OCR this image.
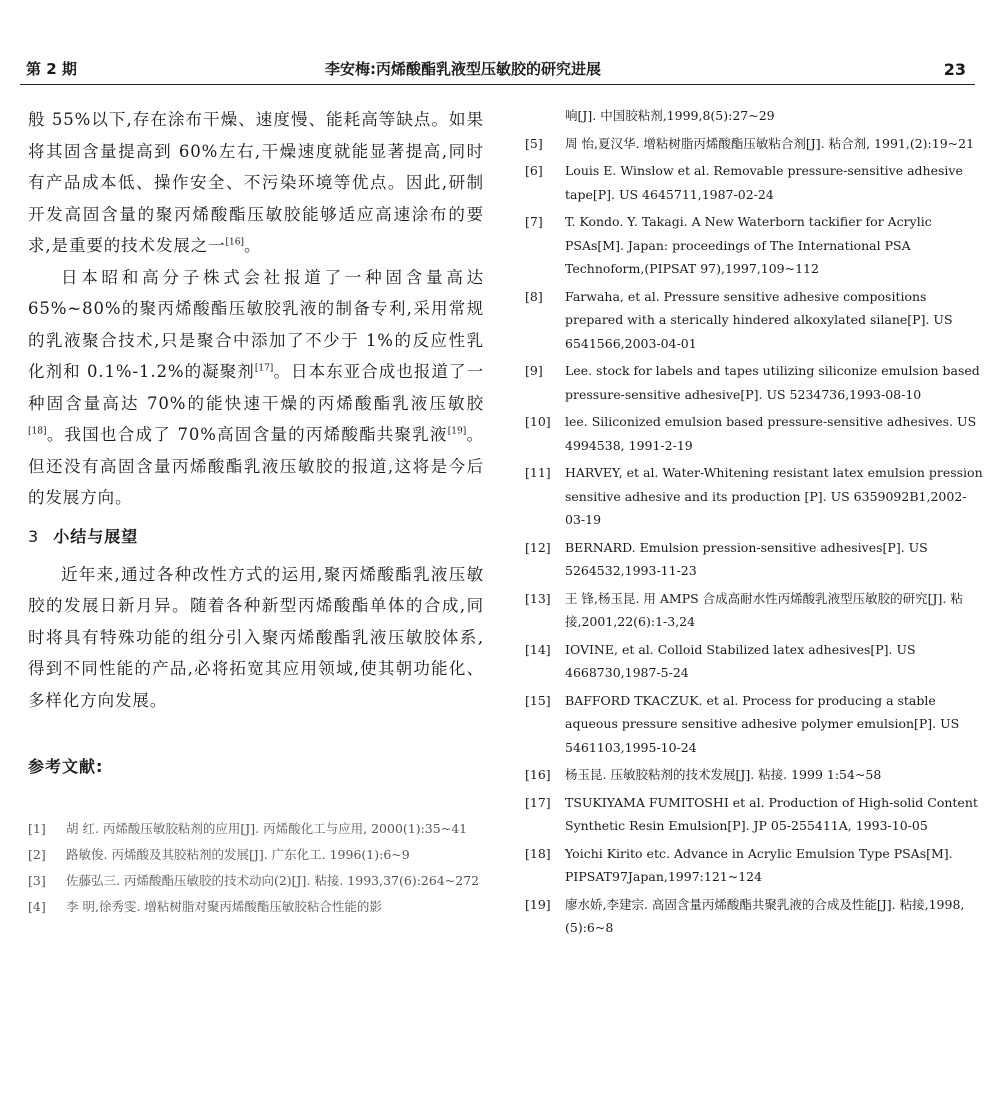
第 2 期	李安梅:丙烯酸酯乳液型压敏胶的研究进展	23

般 55%以下,存在涂布干燥、速度慢、能耗高等缺点。如果将其固含量提高到 60%左右,干燥速度就能显著提高,同时有产品成本低、操作安全、不污染环境等优点。因此,研制开发高固含量的聚丙烯酸酯压敏胶能够适应高速涂布的要求,是重要的技术发展之一[16]。

日本昭和高分子株式会社报道了一种固含量高达 65%~80%的聚丙烯酸酯压敏胶乳液的制备专利,采用常规的乳液聚合技术,只是聚合中添加了不少于 1%的反应性乳化剂和 0.1%-1.2%的凝聚剂[17]。日本东亚合成也报道了一种固含量高达 70%的能快速干燥的丙烯酸酯乳液压敏胶[18]。我国也合成了 70%高固含量的丙烯酸酯共聚乳液[19]。但还没有高固含量丙烯酸酯乳液压敏胶的报道,这将是今后的发展方向。

3 小结与展望

近年来,通过各种改性方式的运用,聚丙烯酸酯乳液压敏胶的发展日新月异。随着各种新型丙烯酸酯单体的合成,同时将具有特殊功能的组分引入聚丙烯酸酯乳液压敏胶体系,得到不同性能的产品,必将拓宽其应用领域,使其朝功能化、多样化方向发展。

参考文献:

[1] 胡 红. 丙烯酸压敏胶粘剂的应用[J]. 丙烯酸化工与应用, 2000(1):35~41

[2] 路敏俊. 丙烯酸及其胶粘剂的发展[J]. 广东化工. 1996(1):6~9

[3] 佐藤弘三. 丙烯酸酯压敏胶的技术动向(2)[J]. 粘接. 1993,37(6):264~272

[4] 李 明,徐秀雯. 增粘树脂对聚丙烯酸酯压敏胶粘合性能的影

响[J]. 中国胶粘剂,1999,8(5):27~29

[5] 周 怡,夏汉华. 增粘树脂丙烯酸酯压敏粘合剂[J]. 粘合剂, 1991,(2):19~21

[6] Louis E. Winslow et al. Removable pressure-sensitive adhesive tape[P]. US 4645711,1987-02-24

[7] T. Kondo. Y. Takagi. A New Waterborn tackifier for Acrylic PSAs[M]. Japan: proceedings of The International PSA Technoform,(PIPSAT 97),1997,109~112

[8] Farwaha, et al. Pressure sensitive adhesive compositions prepared with a sterically hindered alkoxylated silane[P]. US 6541566,2003-04-01

[9] Lee. stock for labels and tapes utilizing siliconize emulsion based pressure-sensitive adhesive[P]. US 5234736,1993-08-10

[10] lee. Siliconized emulsion based pressure-sensitive adhesives. US 4994538, 1991-2-19

[11] HARVEY, et al. Water-Whitening resistant latex emulsion pression sensitive adhesive and its production [P]. US 6359092B1,2002-03-19

[12] BERNARD. Emulsion pression-sensitive adhesives[P]. US 5264532,1993-11-23

[13] 王 锋,杨玉昆. 用 AMPS 合成高耐水性丙烯酸乳液型压敏胶的研究[J]. 粘接,2001,22(6):1-3,24

[14] IOVINE, et al. Colloid Stabilized latex adhesives[P]. US 4668730,1987-5-24

[15] BAFFORD TKACZUK. et al. Process for producing a stable aqueous pressure sensitive adhesive polymer emulsion[P]. US 5461103,1995-10-24

[16] 杨玉昆. 压敏胶粘剂的技术发展[J]. 粘接. 1999 1:54~58

[17] TSUKIYAMA FUMITOSHI et al. Production of High-solid Content Synthetic Resin Emulsion[P]. JP 05-255411A, 1993-10-05

[18] Yoichi Kirito etc. Advance in Acrylic Emulsion Type PSAs[M]. PIPSAT97Japan,1997:121~124

[19] 廖水娇,李建宗. 高固含量丙烯酸酯共聚乳液的合成及性能[J]. 粘接,1998,(5):6~8
